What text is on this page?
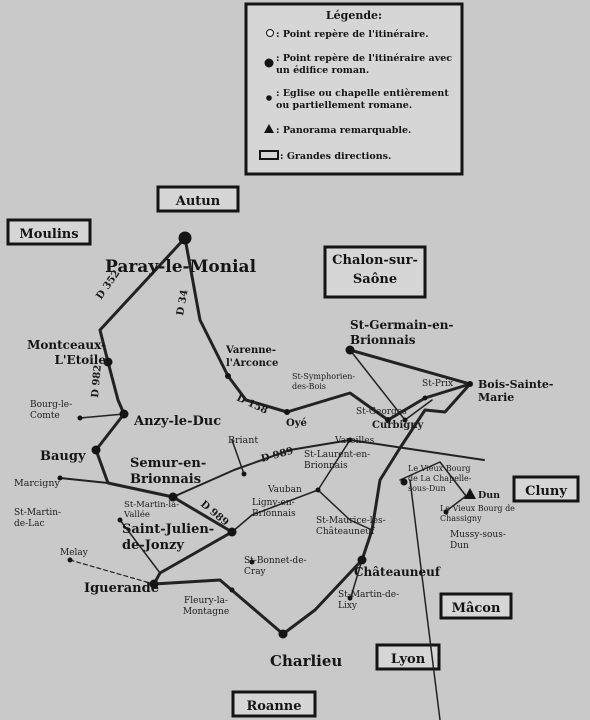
Légende:
: Point repère de l'itinéraire.
: Point repère de l'itinéraire avec un édifice roman.
: Eglise ou chapelle entièrement ou partiellement romane.
: Panorama remarquable.
: Grandes directions.
Autun
Moulins
Chalon-sur-Saône
Cluny
Mâcon
Lyon
Roanne
D 352
D 34
D 982
D 158
D 989
D 989
Paray-le-Monial
Montceaux-L'Etoile
Anzy-le-Duc
Baugy	Semur-en-Brionnais
Saint-Julien-de-Jonzy
Iguerande
St-Germain-en-Brionnais
Bois-Sainte-Marie
Châteauneuf
Charlieu
Varenne-l'Arconce
Oyé
Bourg-le-Comte
Marcigny
St-Martin-de-Lac
Melay
St-Martin-la-Vallée
Briant	Vareilles
St-Symphorien-des-Bois	St-Prix
St-Georges
Curbigny
St-Laurent-en-Brionnais
Vauban
Ligny-en-Brionnais
St-Maurice-lès-Châteauneuf
St-Bonnet-de-Cray
Fleury-la-Montagne
St-Martin-de-Lixy
Le Vieux Bourg de La Chapelle-sous-Dun
Dun
Le Vieux Bourg de Chassigny
Mussy-sous-Dun
